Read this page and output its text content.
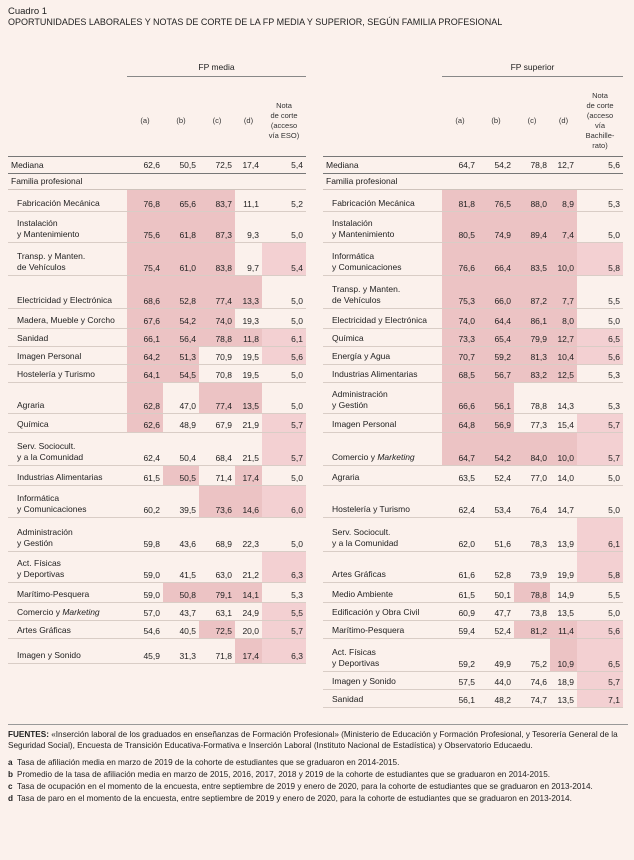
Cuadro 1
OPORTUNIDADES LABORALES Y NOTAS DE CORTE DE LA FP MEDIA Y SUPERIOR, SEGÚN FAMILIA PROFESIONAL
FP media
(a)	(b)	(c)	(d)
Nota
de corte
(acceso
vía ESO)
Mediana	62,6	50,5	72,5	17,4	5,4
Familia profesional					
Fabricación Mecánica	76,8	65,6	83,7	11,1	5,2
Instalación
y Mantenimiento	75,6	61,8	87,3	9,3	5,0
Transp. y Manten.
de Vehículos	75,4	61,0	83,8	9,7	5,4
Electricidad y Electrónica	68,6	52,8	77,4	13,3	5,0
Madera, Mueble y Corcho	67,6	54,2	74,0	19,3	5,0
Sanidad	66,1	56,4	78,8	11,8	6,1
Imagen Personal	64,2	51,3	70,9	19,5	5,6
Hostelería y Turismo	64,1	54,5	70,8	19,5	5,0
Agraria	62,8	47,0	77,4	13,5	5,0
Química	62,6	48,9	67,9	21,9	5,7
Serv. Sociocult.
y a la Comunidad	62,4	50,4	68,4	21,5	5,7
Industrias Alimentarias	61,5	50,5	71,4	17,4	5,0
Informática
y Comunicaciones	60,2	39,5	73,6	14,6	6,0
Administración
y Gestión	59,8	43,6	68,9	22,3	5,0
Act. Físicas
y Deportivas	59,0	41,5	63,0	21,2	6,3
Marítimo-Pesquera	59,0	50,8	79,1	14,1	5,3
Comercio y Marketing	57,0	43,7	63,1	24,9	5,5
Artes Gráficas	54,6	40,5	72,5	20,0	5,7
Imagen y Sonido	45,9	31,3	71,8	17,4	6,3
FP superior
(a)	(b)	(c)	(d)
Nota
de corte
(acceso
vía
Bachille-
rato)
Mediana	64,7	54,2	78,8	12,7	5,6
Familia profesional					
Fabricación Mecánica	81,8	76,5	88,0	8,9	5,3
Instalación
y Mantenimiento	80,5	74,9	89,4	7,4	5,0
Informática
y Comunicaciones	76,6	66,4	83,5	10,0	5,8
Transp. y Manten.
de Vehículos	75,3	66,0	87,2	7,7	5,5
Electricidad y Electrónica	74,0	64,4	86,1	8,0	5,0
Química	73,3	65,4	79,9	12,7	6,5
Energía y Agua	70,7	59,2	81,3	10,4	5,6
Industrias Alimentarias	68,5	56,7	83,2	12,5	5,3
Administración
y Gestión	66,6	56,1	78,8	14,3	5,3
Imagen Personal	64,8	56,9	77,3	15,4	5,7
Comercio y Marketing	64,7	54,2	84,0	10,0	5,7
Agraria	63,5	52,4	77,0	14,0	5,0
Hostelería y Turismo	62,4	53,4	76,4	14,7	5,0
Serv. Sociocult.
y a la Comunidad	62,0	51,6	78,3	13,9	6,1
Artes Gráficas	61,6	52,8	73,9	19,9	5,8
Medio Ambiente	61,5	50,1	78,8	14,9	5,5
Edificación y Obra Civil	60,9	47,7	73,8	13,5	5,0
Marítimo-Pesquera	59,4	52,4	81,2	11,4	5,6
Act. Físicas
y Deportivas	59,2	49,9	75,2	10,9	6,5
Imagen y Sonido	57,5	44,0	74,6	18,9	5,7
Sanidad	56,1	48,2	74,7	13,5	7,1
FUENTES: «Inserción laboral de los graduados en enseñanzas de Formación Profesional» (Ministerio de Educación y Formación Profesional, y Tesorería General de la Seguridad Social), Encuesta de Transición Educativa-Formativa e Inserción Laboral (Instituto Nacional de Estadística) y Observatorio Educaedu.
a Tasa de afiliación media en marzo de 2019 de la cohorte de estudiantes que se graduaron en 2014-2015.
b Promedio de la tasa de afiliación media en marzo de 2015, 2016, 2017, 2018 y 2019 de la cohorte de estudiantes que se graduaron en 2014-2015.
c Tasa de ocupación en el momento de la encuesta, entre septiembre de 2019 y enero de 2020, para la cohorte de estudiantes que se graduaron en 2013-2014.
d Tasa de paro en el momento de la encuesta, entre septiembre de 2019 y enero de 2020, para la cohorte de estudiantes que se graduaron en 2013-2014.
